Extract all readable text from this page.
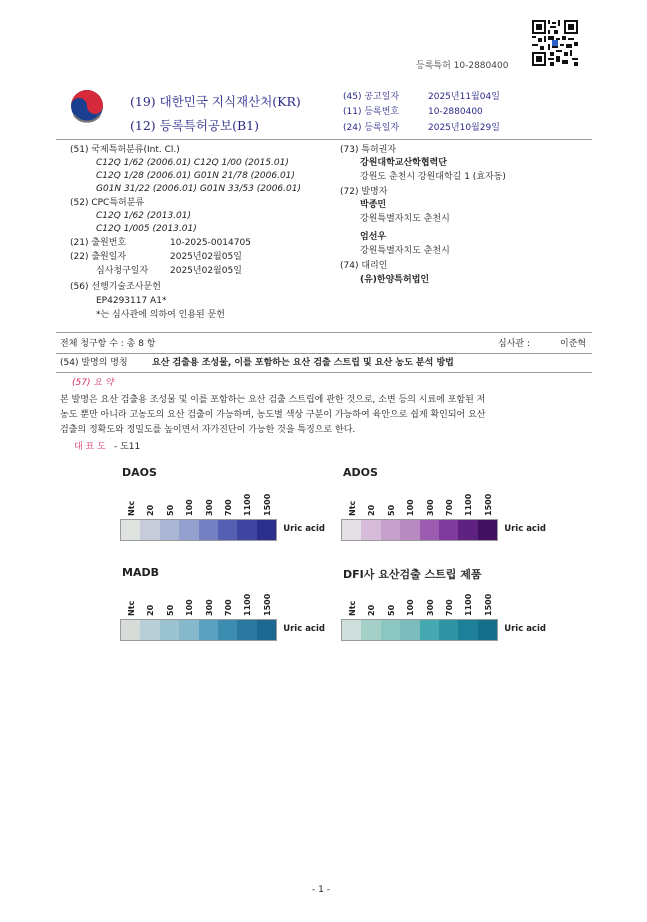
등록특허 10-2880400
(19) 대한민국 지식재산처(KR)
(12) 등록특허공보(B1)
(45) 공고일자	2025년11월04일
(11) 등록번호	10-2880400
(24) 등록일자	2025년10월29일
(51) 국제특허분류(Int. Cl.)
C12Q 1/62 (2006.01) C12Q 1/00 (2015.01)
C12Q 1/28 (2006.01) G01N 21/78 (2006.01)
G01N 31/22 (2006.01) G01N 33/53 (2006.01)
(52) CPC특허분류
C12Q 1/62 (2013.01)
C12Q 1/005 (2013.01)
(21) 출원번호	10-2025-0014705
(22) 출원일자	2025년02월05일
심사청구일자 2025년02월05일
(56) 선행기술조사문헌
EP4293117 A1*
*는 심사관에 의하여 인용된 문헌
(73) 특허권자
강원대학교산학협력단
강원도 춘천시 강원대학길 1 (효자동)
(72) 발명자
박종민
강원특별자치도 춘천시
엄선우
강원특별자치도 춘천시
(74) 대리인
(유)한양특허법인
전체 청구항 수 : 총 8 항	심사관 :	이준혁
(54) 발명의 명칭	요산 검출용 조성물, 이를 포함하는 요산 검출 스트립 및 요산 농도 분석 방법
(57) 요 약
본 발명은 요산 검출용 조성물 및 이를 포함하는 요산 검출 스트립에 관한 것으로, 소변 등의 시료에 포함된 저
농도 뿐만 아니라 고농도의 요산 검출이 가능하며, 농도별 색상 구분이 가능하여 육안으로 쉽게 확인되어 요산
검출의 정확도와 정밀도를 높이면서 자가진단이 가능한 것을 특징으로 한다.
대 표 도 - 도11
DAOS
Ntc 20 50 100 300 700 1100 1500
Uric acid
ADOS
Ntc 20 50 100 300 700 1100 1500
Uric acid
MADB
Ntc 20 50 100 300 700 1100 1500
Uric acid
DFI사 요산검출 스트립 제품
Ntc 20 50 100 300 700 1100 1500
Uric acid
- 1 -
